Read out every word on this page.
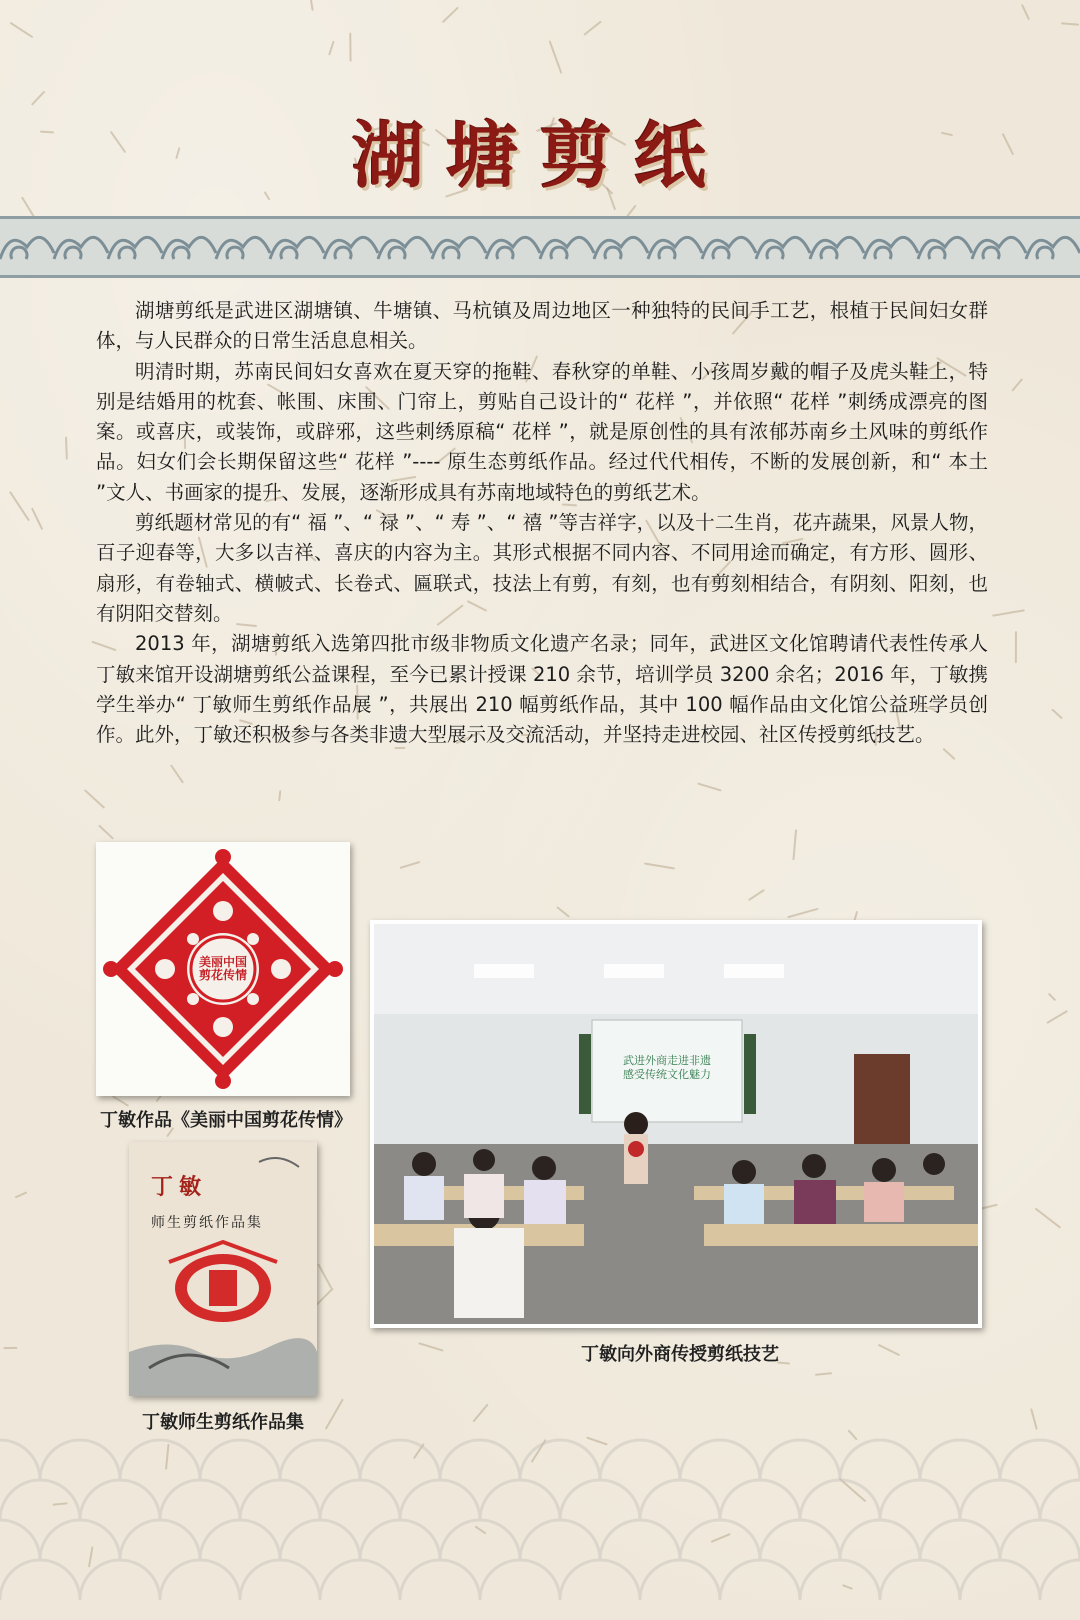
湖塘剪纸

湖塘剪纸是武进区湖塘镇、牛塘镇、马杭镇及周边地区一种独特的民间手工艺，根植于民间妇女群体，与人民群众的日常生活息息相关。

明清时期，苏南民间妇女喜欢在夏天穿的拖鞋、春秋穿的单鞋、小孩周岁戴的帽子及虎头鞋上，特别是结婚用的枕套、帐围、床围、门帘上，剪贴自己设计的“ 花样 ”，并依照“ 花样 ”刺绣成漂亮的图案。或喜庆，或装饰，或辟邪，这些刺绣原稿“ 花样 ”，就是原创性的具有浓郁苏南乡土风味的剪纸作品。妇女们会长期保留这些“ 花样 ”---- 原生态剪纸作品。经过代代相传，不断的发展创新，和“ 本土 ”文人、书画家的提升、发展，逐渐形成具有苏南地域特色的剪纸艺术。

剪纸题材常见的有“ 福 ”、“ 禄 ”、“ 寿 ”、“ 禧 ”等吉祥字，以及十二生肖，花卉蔬果，风景人物，百子迎春等，大多以吉祥、喜庆的内容为主。其形式根据不同内容、不同用途而确定，有方形、圆形、扇形，有卷轴式、横帔式、长卷式、匾联式，技法上有剪，有刻，也有剪刻相结合，有阴刻、阳刻，也有阴阳交替刻。

2013 年，湖塘剪纸入选第四批市级非物质文化遗产名录；同年，武进区文化馆聘请代表性传承人丁敏来馆开设湖塘剪纸公益课程，至今已累计授课 210 余节，培训学员 3200 余名；2016 年，丁敏携学生举办“ 丁敏师生剪纸作品展 ”，共展出 210 幅剪纸作品，其中 100 幅作品由文化馆公益班学员创作。此外，丁敏还积极参与各类非遗大型展示及交流活动，并坚持走进校园、社区传授剪纸技艺。

美丽中国剪花传情
丁敏作品《美丽中国剪花传情》
丁敏
师生剪纸作品集
丁敏师生剪纸作品集
武进外商走进非遗
感受传统文化魅力
丁敏向外商传授剪纸技艺
